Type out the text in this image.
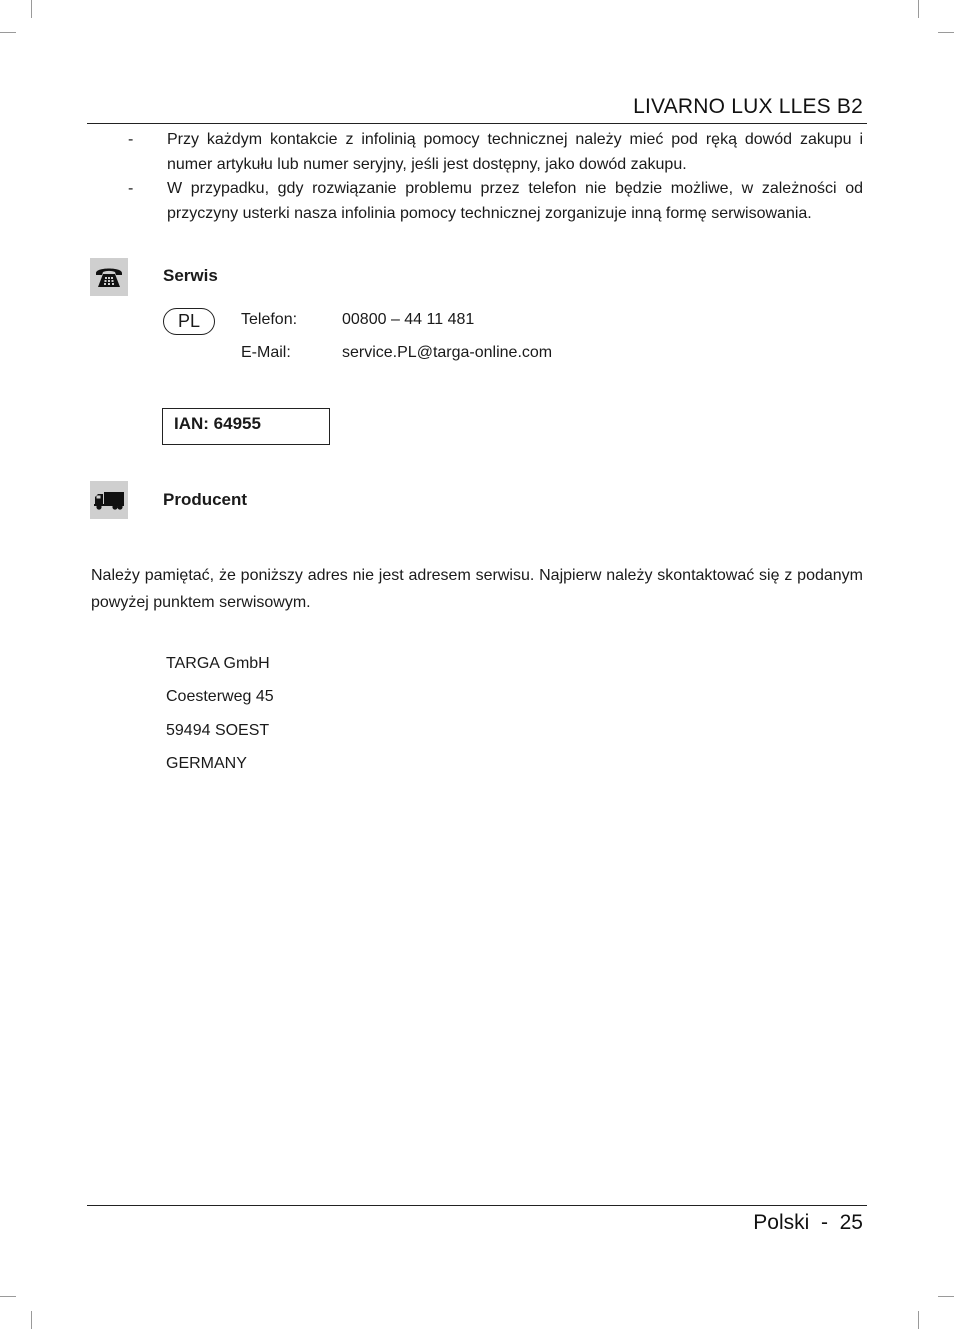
LIVARNO LUX LLES B2
- Przy każdym kontakcie z infolinią pomocy technicznej należy mieć pod ręką dowód zakupu i numer artykułu lub numer seryjny, jeśli jest dostępny, jako dowód zakupu.
- W przypadku, gdy rozwiązanie problemu przez telefon nie będzie możliwe, w zależności od przyczyny usterki nasza infolinia pomocy technicznej zorganizuje inną formę serwisowania.
Serwis
PL	Telefon:	00800 – 44 11 481
E-Mail:	service.PL@targa-online.com
IAN: 64955
Producent
Należy pamiętać, że poniższy adres nie jest adresem serwisu. Najpierw należy skontaktować się z podanym powyżej punktem serwisowym.
TARGA GmbH
Coesterweg 45
59494 SOEST
GERMANY
Polski  -  25
